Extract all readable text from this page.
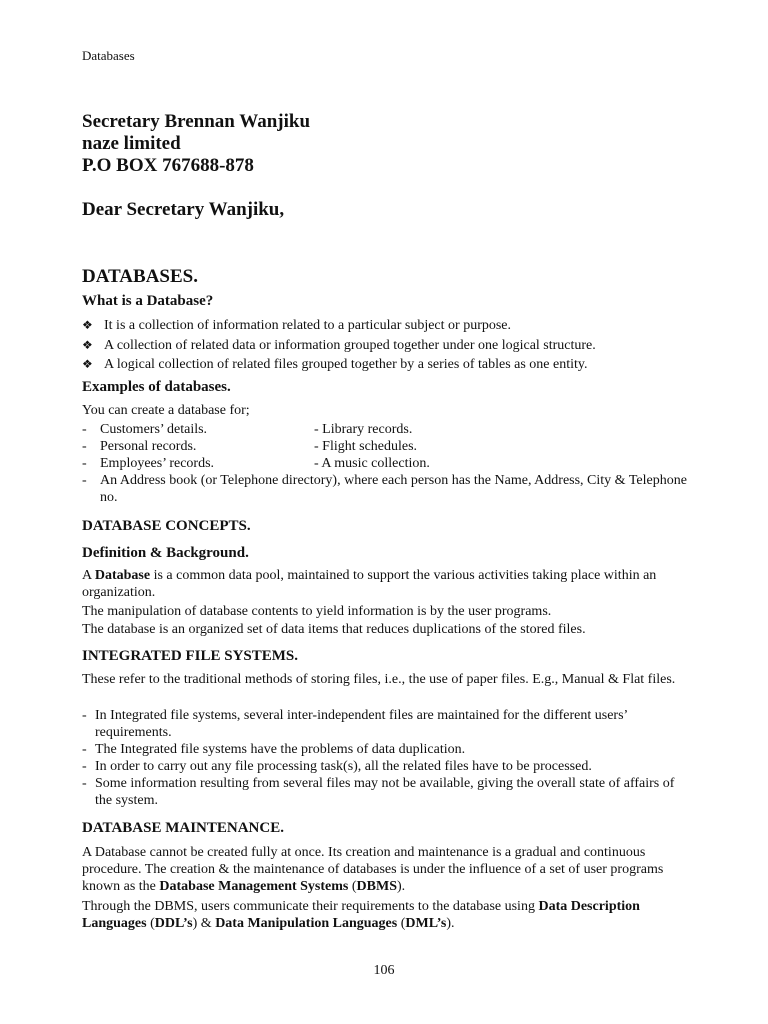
Databases
Secretary Brennan Wanjiku
naze limited
P.O BOX 767688-878
Dear Secretary Wanjiku,
DATABASES.
What is a Database?
❖ It is a collection of information related to a particular subject or purpose.
❖ A collection of related data or information grouped together under one logical structure.
❖ A logical collection of related files grouped together by a series of tables as one entity.
Examples of databases.
You can create a database for;
- Customers’ details.	- Library records.
- Personal records.	- Flight schedules.
- Employees’ records.	- A music collection.
- An Address book (or Telephone directory), where each person has the Name, Address, City & Telephone no.
DATABASE CONCEPTS.
Definition & Background.
A Database is a common data pool, maintained to support the various activities taking place within an organization.
The manipulation of database contents to yield information is by the user programs.
The database is an organized set of data items that reduces duplications of the stored files.
INTEGRATED FILE SYSTEMS.
These refer to the traditional methods of storing files, i.e., the use of paper files. E.g., Manual & Flat files.
- In Integrated file systems, several inter-independent files are maintained for the different users’ requirements.
- The Integrated file systems have the problems of data duplication.
- In order to carry out any file processing task(s), all the related files have to be processed.
- Some information resulting from several files may not be available, giving the overall state of affairs of the system.
DATABASE MAINTENANCE.
A Database cannot be created fully at once. Its creation and maintenance is a gradual and continuous procedure. The creation & the maintenance of databases is under the influence of a set of user programs known as the Database Management Systems (DBMS).
Through the DBMS, users communicate their requirements to the database using Data Description Languages (DDL’s) & Data Manipulation Languages (DML’s).
106
